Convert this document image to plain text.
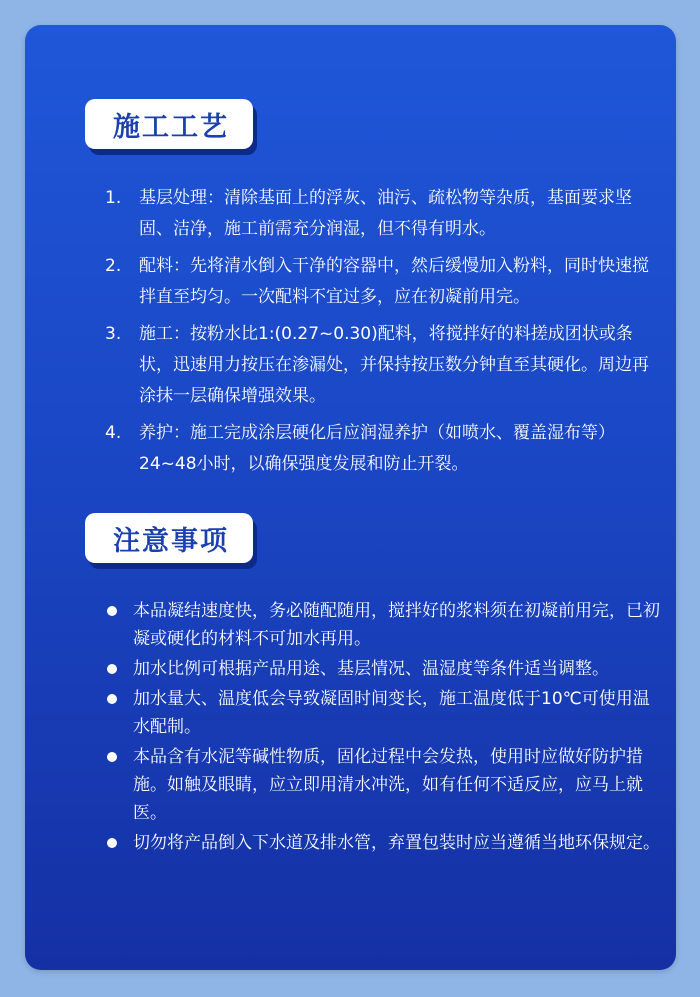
施工工艺
1.	基层处理：清除基面上的浮灰、油污、疏松物等杂质，基面要求坚固、洁净，施工前需充分润湿，但不得有明水。
2.	配料：先将清水倒入干净的容器中，然后缓慢加入粉料，同时快速搅拌直至均匀。一次配料不宜过多，应在初凝前用完。
3.	施工：按粉水比1:(0.27~0.30)配料，将搅拌好的料搓成团状或条状，迅速用力按压在渗漏处，并保持按压数分钟直至其硬化。周边再涂抹一层确保增强效果。
4.	养护：施工完成涂层硬化后应润湿养护（如喷水、覆盖湿布等）24~48小时，以确保强度发展和防止开裂。
注意事项
本品凝结速度快，务必随配随用，搅拌好的浆料须在初凝前用完，已初凝或硬化的材料不可加水再用。
加水比例可根据产品用途、基层情况、温湿度等条件适当调整。
加水量大、温度低会导致凝固时间变长，施工温度低于10℃可使用温水配制。
本品含有水泥等碱性物质，固化过程中会发热，使用时应做好防护措施。如触及眼睛，应立即用清水冲洗，如有任何不适反应，应马上就医。
切勿将产品倒入下水道及排水管，弃置包装时应当遵循当地环保规定。
